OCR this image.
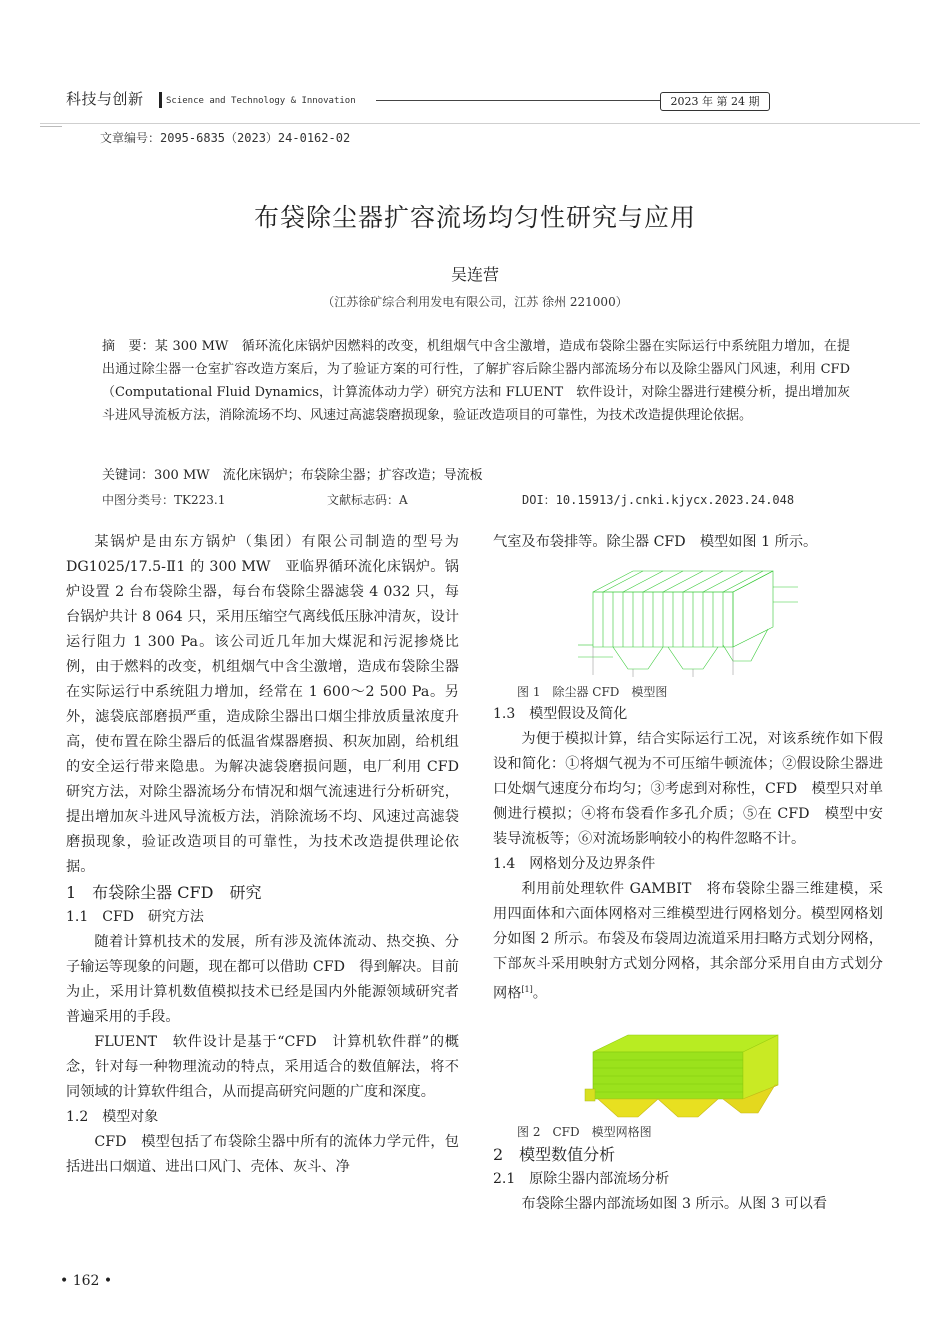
科技与创新 Science and Technology & Innovation	2023 年 第 24 期
文章编号：2095-6835（2023）24-0162-02
布袋除尘器扩容流场均匀性研究与应用
吴连营
（江苏徐矿综合利用发电有限公司，江苏 徐州 221000）
摘　要：某 300 MW　循环流化床锅炉因燃料的改变，机组烟气中含尘激增，造成布袋除尘器在实际运行中系统阻力增加，在提出通过除尘器一仓室扩容改造方案后，为了验证方案的可行性，了解扩容后除尘器内部流场分布以及除尘器风门风速，利用 CFD （Computational Fluid Dynamics，计算流体动力学）研究方法和 FLUENT　软件设计，对除尘器进行建模分析，提出增加灰斗进风导流板方法，消除流场不均、风速过高滤袋磨损现象，验证改造项目的可靠性，为技术改造提供理论依据。
关键词：300 MW　流化床锅炉；布袋除尘器；扩容改造；导流板
中图分类号：TK223.1	文献标志码：A	DOI：10.15913/j.cnki.kjycx.2023.24.048

某锅炉是由东方锅炉（集团）有限公司制造的型号为 DG1025/17.5-Ⅱ1 的 300 MW　亚临界循环流化床锅炉。锅炉设置 2 台布袋除尘器，每台布袋除尘器滤袋 4 032 只，每台锅炉共计 8 064 只，采用压缩空气离线低压脉冲清灰，设计运行阻力 1 300 Pa。该公司近几年加大煤泥和污泥掺烧比例，由于燃料的改变，机组烟气中含尘激增，造成布袋除尘器在实际运行中系统阻力增加，经常在 1 600～2 500 Pa。另外，滤袋底部磨损严重，造成除尘器出口烟尘排放质量浓度升高，使布置在除尘器后的低温省煤器磨损、积灰加剧，给机组的安全运行带来隐患。为解决滤袋磨损问题，电厂利用 CFD　研究方法，对除尘器流场分布情况和烟气流速进行分析研究，提出增加灰斗进风导流板方法，消除流场不均、风速过高滤袋磨损现象，验证改造项目的可靠性，为技术改造提供理论依据。

1　布袋除尘器 CFD　研究
1.1　CFD　研究方法

随着计算机技术的发展，所有涉及流体流动、热交换、分子输运等现象的问题，现在都可以借助 CFD　得到解决。目前为止，采用计算机数值模拟技术已经是国内外能源领域研究者普遍采用的手段。

FLUENT　软件设计是基于“CFD　计算机软件群”的概念，针对每一种物理流动的特点，采用适合的数值解法，将不同领域的计算软件组合，从而提高研究问题的广度和深度。

1.2　模型对象

CFD　模型包括了布袋除尘器中所有的流体力学元件，包括进出口烟道、进出口风门、壳体、灰斗、净

气室及布袋排等。除尘器 CFD　模型如图 1 所示。

图 1　除尘器 CFD　模型图

1.3　模型假设及简化

为便于模拟计算，结合实际运行工况，对该系统作如下假设和简化：①将烟气视为不可压缩牛顿流体；②假设除尘器进口处烟气速度分布均匀；③考虑到对称性，CFD　模型只对单侧进行模拟；④将布袋看作多孔介质；⑤在 CFD　模型中安装导流板等；⑥对流场影响较小的构件忽略不计。

1.4　网格划分及边界条件

利用前处理软件 GAMBIT　将布袋除尘器三维建模，采用四面体和六面体网格对三维模型进行网格划分。模型网格划分如图 2 所示。布袋及布袋周边流道采用扫略方式划分网格，下部灰斗采用映射方式划分网格，其余部分采用自由方式划分网格[1]。

图 2　CFD　模型网格图

2　模型数值分析
2.1　原除尘器内部流场分析

布袋除尘器内部流场如图 3 所示。从图 3 可以看

• 162 •
